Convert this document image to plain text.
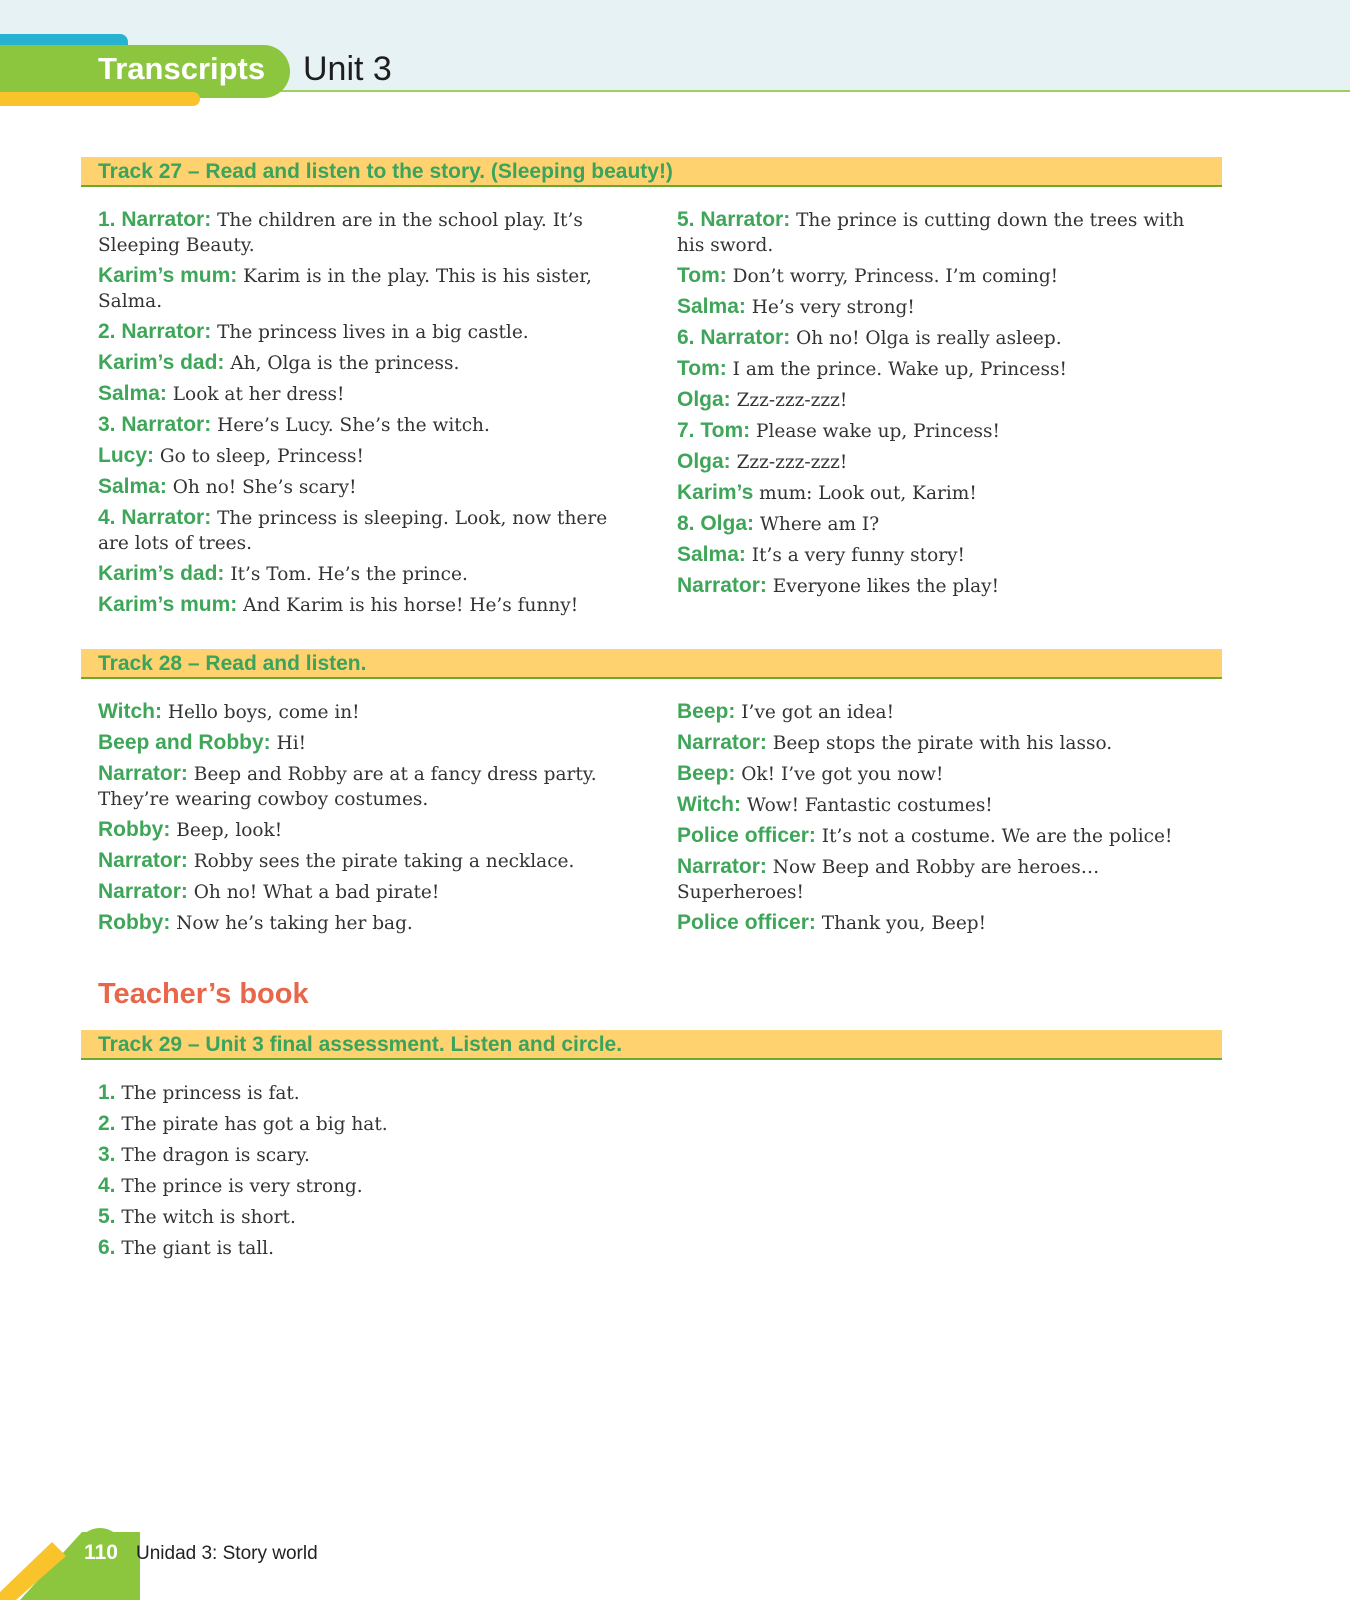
Transcripts Unit 3
Track 27 – Read and listen to the story. (Sleeping beauty!)
1. Narrator: The children are in the school play. It’s Sleeping Beauty.
Karim’s mum: Karim is in the play. This is his sister, Salma.
2. Narrator: The princess lives in a big castle.
Karim’s dad: Ah, Olga is the princess.
Salma: Look at her dress!
3. Narrator: Here’s Lucy. She’s the witch.
Lucy: Go to sleep, Princess!
Salma: Oh no! She’s scary!
4. Narrator: The princess is sleeping. Look, now there are lots of trees.
Karim’s dad: It’s Tom. He’s the prince.
Karim’s mum: And Karim is his horse! He’s funny!
5. Narrator: The prince is cutting down the trees with his sword.
Tom: Don’t worry, Princess. I’m coming!
Salma: He’s very strong!
6. Narrator: Oh no! Olga is really asleep.
Tom: I am the prince. Wake up, Princess!
Olga: Zzz-zzz-zzz!
7. Tom: Please wake up, Princess!
Olga: Zzz-zzz-zzz!
Karim’s mum: Look out, Karim!
8. Olga: Where am I?
Salma: It’s a very funny story!
Narrator: Everyone likes the play!
Track 28 – Read and listen.
Witch: Hello boys, come in!
Beep and Robby: Hi!
Narrator: Beep and Robby are at a fancy dress party. They’re wearing cowboy costumes.
Robby: Beep, look!
Narrator: Robby sees the pirate taking a necklace.
Narrator: Oh no! What a bad pirate!
Robby: Now he’s taking her bag.
Beep: I’ve got an idea!
Narrator: Beep stops the pirate with his lasso.
Beep: Ok! I’ve got you now!
Witch: Wow! Fantastic costumes!
Police officer: It’s not a costume. We are the police!
Narrator: Now Beep and Robby are heroes… Superheroes!
Police officer: Thank you, Beep!
Teacher’s book
Track 29 – Unit 3 final assessment. Listen and circle.
1. The princess is fat.
2. The pirate has got a big hat.
3. The dragon is scary.
4. The prince is very strong.
5. The witch is short.
6. The giant is tall.
110 Unidad 3: Story world
